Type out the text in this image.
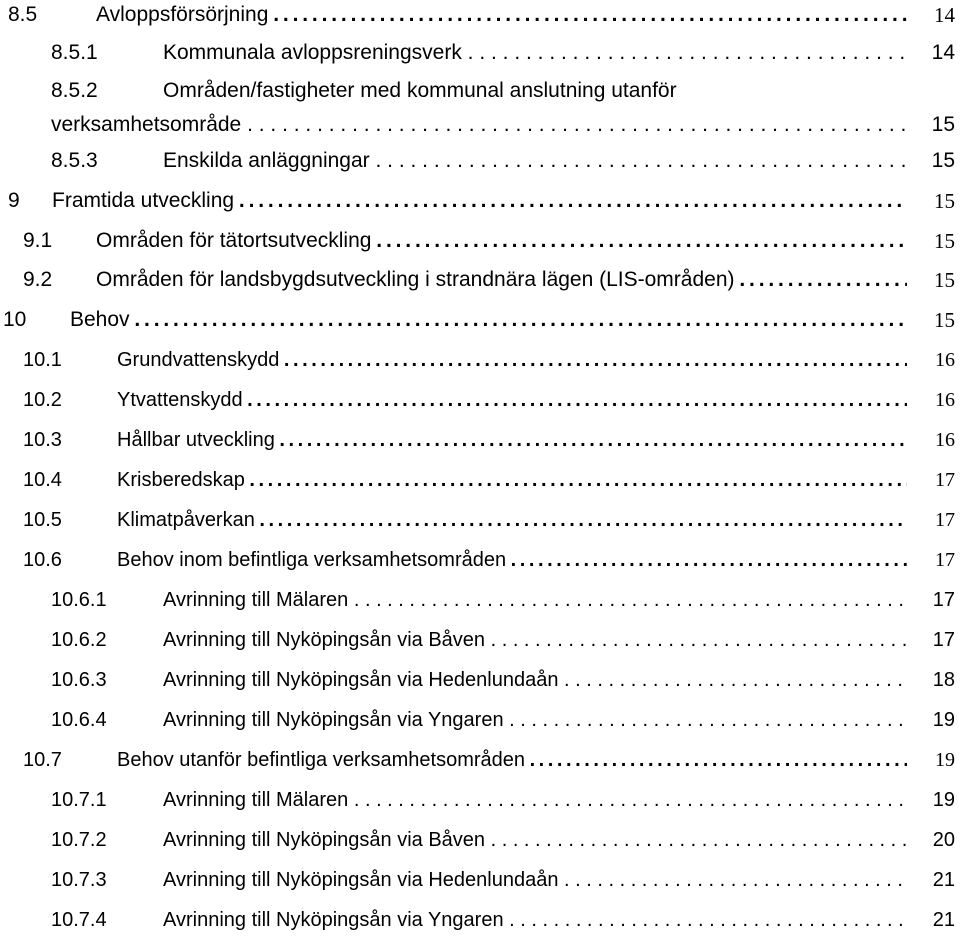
8.5	Avloppsförsörjning . . .	14
8.5.1	Kommunala avloppsreningsverk . . .	14
8.5.2	Områden/fastigheter med kommunal anslutning utanför
verksamhetsområde . . .	15
8.5.3	Enskilda anläggningar . . .	15
9 Framtida utveckling . . .	15
9.1 Områden för tätortsutveckling . . .	15
9.2 Områden för landsbygdsutveckling i strandnära lägen (LIS-områden) . . .	15
10 Behov . . .	15
10.1	Grundvattenskydd . . .	16
10.2	Ytvattenskydd . . .	16
10.3	Hållbar utveckling . . .	16
10.4	Krisberedskap . . .	17
10.5	Klimatpåverkan . . .	17
10.6	Behov inom befintliga verksamhetsområden . . .	17
10.6.1	Avrinning till Mälaren . . .	17
10.6.2	Avrinning till Nyköpingsån via Båven . . .	17
10.6.3	Avrinning till Nyköpingsån via Hedenlundaån . . .	18
10.6.4	Avrinning till Nyköpingsån via Yngaren . . .	19
10.7	Behov utanför befintliga verksamhetsområden . . .	19
10.7.1	Avrinning till Mälaren . . .	19
10.7.2	Avrinning till Nyköpingsån via Båven . . .	20
10.7.3	Avrinning till Nyköpingsån via Hedenlundaån . . .	21
10.7.4	Avrinning till Nyköpingsån via Yngaren . . .	21
